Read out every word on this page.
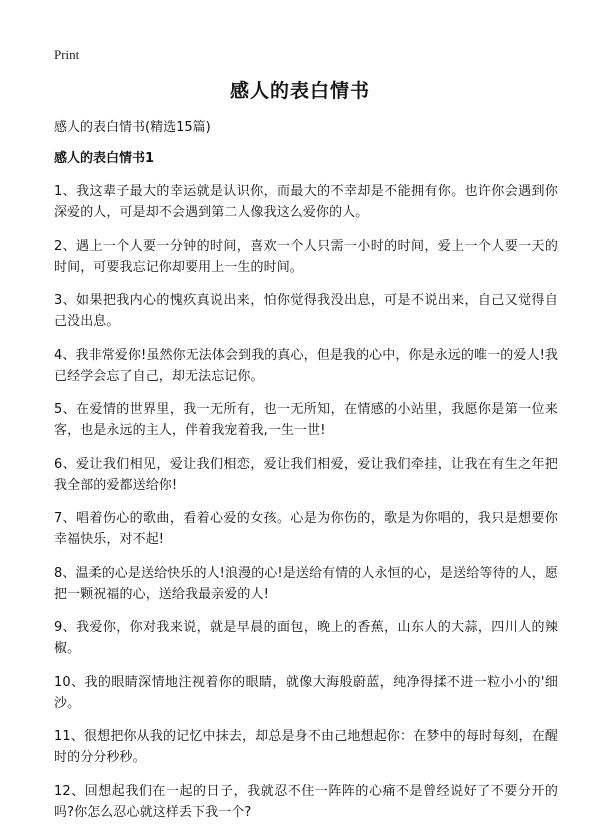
Print
感人的表白情书

感人的表白情书(精选15篇)

感人的表白情书1

1、我这辈子最大的幸运就是认识你，而最大的不幸却是不能拥有你。也许你会遇到你深爱的人，可是却不会遇到第二人像我这么爱你的人。

2、遇上一个人要一分钟的时间，喜欢一个人只需一小时的时间，爱上一个人要一天的时间，可要我忘记你却要用上一生的时间。

3、如果把我内心的愧疚真说出来，怕你觉得我没出息，可是不说出来，自己又觉得自己没出息。

4、我非常爱你!虽然你无法体会到我的真心，但是我的心中，你是永远的唯一的爱人!我已经学会忘了自己，却无法忘记你。

5、在爱情的世界里，我一无所有，也一无所知，在情感的小站里，我愿你是第一位来客，也是永远的主人，伴着我宠着我,一生一世!

6、爱让我们相见，爱让我们相恋，爱让我们相爱，爱让我们牵挂，让我在有生之年把我全部的爱都送给你!

7、唱着伤心的歌曲，看着心爱的女孩。心是为你伤的，歌是为你唱的，我只是想要你幸福快乐，对不起!

8、温柔的心是送给快乐的人!浪漫的心!是送给有情的人永恒的心，是送给等待的人，愿把一颗祝福的心，送给我最亲爱的人!

9、我爱你，你对我来说，就是早晨的面包，晚上的香蕉，山东人的大蒜，四川人的辣椒。

10、我的眼睛深情地注视着你的眼睛，就像大海般蔚蓝，纯净得揉不进一粒小小的'细沙。

11、很想把你从我的记忆中抹去，却总是身不由己地想起你：在梦中的每时每刻，在醒时的分分秒秒。

12、回想起我们在一起的日子，我就忍不住一阵阵的心痛不是曾经说好了不要分开的吗?你怎么忍心就这样丢下我一个?
